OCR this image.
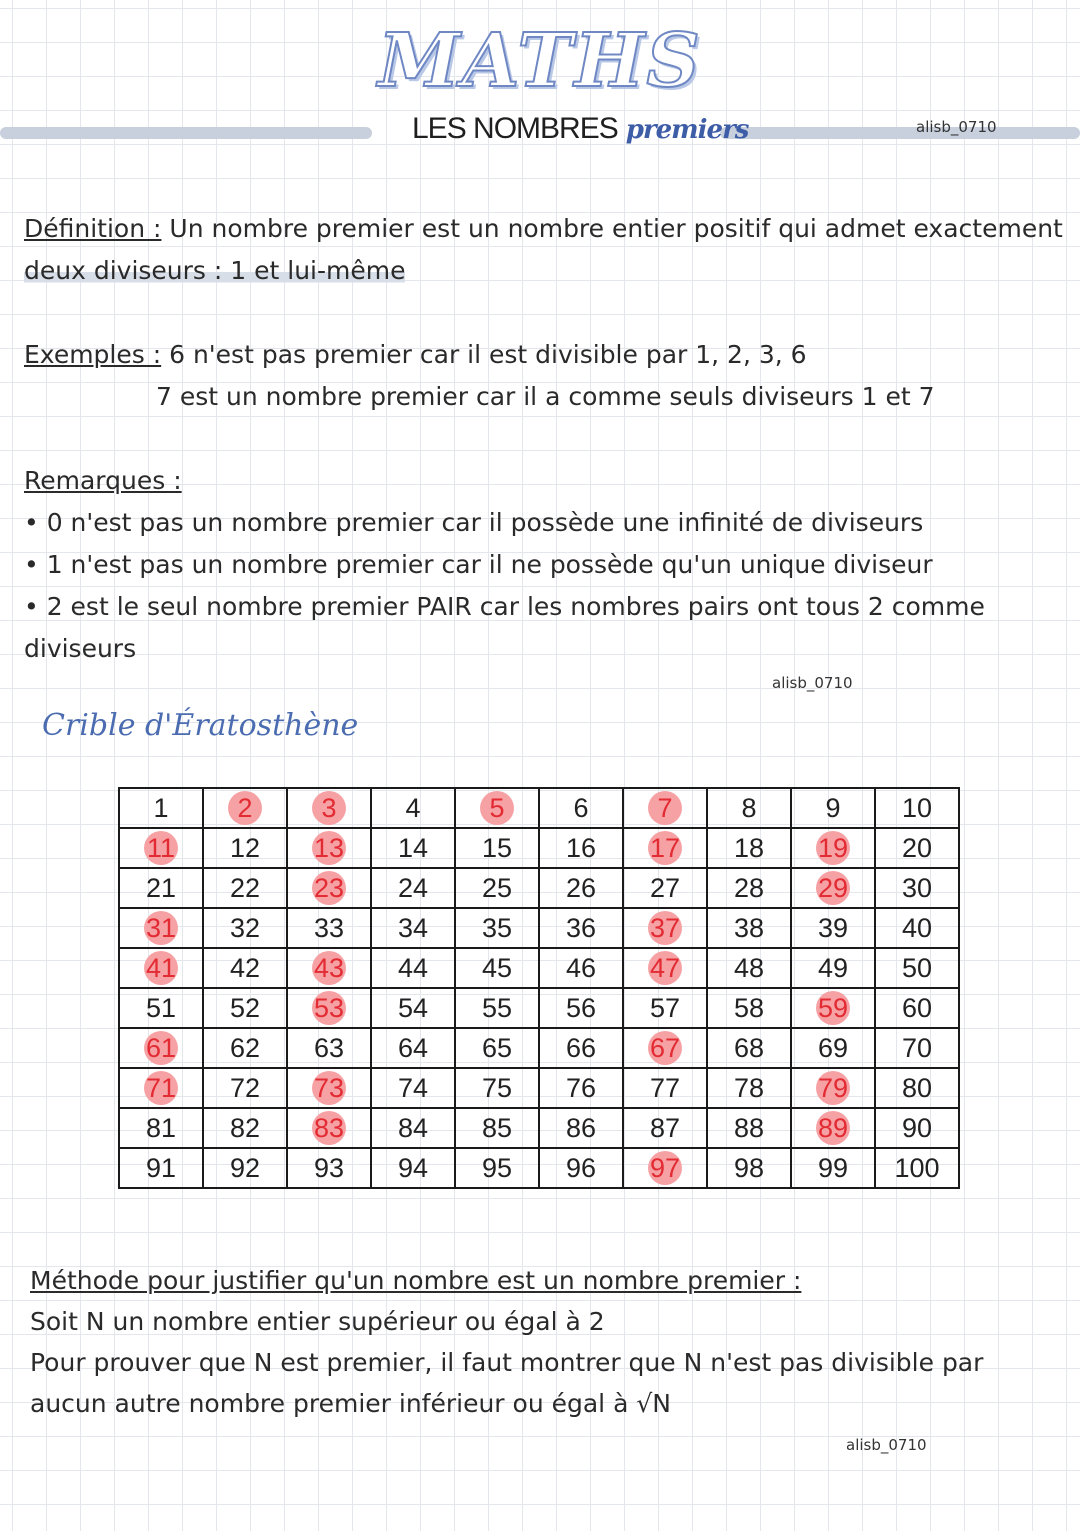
MATHS
LES NOMBRES premiers	alisb_0710
Définition : Un nombre premier est un nombre entier positif qui admet exactement
deux diviseurs : 1 et lui-même
Exemples : 6 n'est pas premier car il est divisible par 1, 2, 3, 6
7 est un nombre premier car il a comme seuls diviseurs 1 et 7
Remarques :
• 0 n'est pas un nombre premier car il possède une infinité de diviseurs
• 1 n'est pas un nombre premier car il ne possède qu'un unique diviseur
• 2 est le seul nombre premier PAIR car les nombres pairs ont tous 2 comme
diviseurs
alisb_0710
Crible d'Ératosthène
1	2	3	4	5	6	7	8	9	10
11	12	13	14	15	16	17	18	19	20
21	22	23	24	25	26	27	28	29	30
31	32	33	34	35	36	37	38	39	40
41	42	43	44	45	46	47	48	49	50
51	52	53	54	55	56	57	58	59	60
61	62	63	64	65	66	67	68	69	70
71	72	73	74	75	76	77	78	79	80
81	82	83	84	85	86	87	88	89	90
91	92	93	94	95	96	97	98	99	100
Méthode pour justifier qu'un nombre est un nombre premier :
Soit N un nombre entier supérieur ou égal à 2
Pour prouver que N est premier, il faut montrer que N n'est pas divisible par
aucun autre nombre premier inférieur ou égal à √N
alisb_0710
